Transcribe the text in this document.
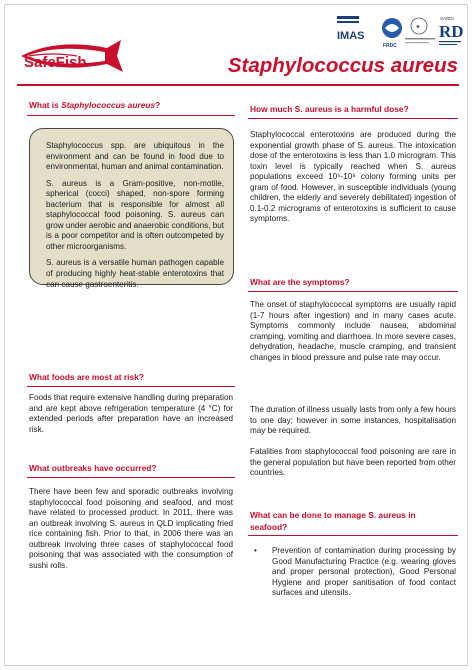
SafeFish
IMAS
FRDC
✦
SARDI
RD
Staphylococcus aureus
What is Staphylococcus aureus?

Staphylococcus spp. are ubiquitous in the environment and can be found in food due to environmental, human and animal contamination.

S. aureus is a Gram-positive, non-motile, spherical (cocci) shaped, non-spore forming bacterium that is responsible for almost all staphylococcal food poisoning. S. aureus can grow under aerobic and anaerobic conditions, but is a poor competitor and is often outcompeted by other microorganisms.

S. aureus is a versatile human pathogen capable of producing highly heat-stable enterotoxins that can cause gastroenteritis.

What foods are most at risk?
Foods that require extensive handling during preparation and are kept above refrigeration temperature (4 °C) for extended periods after preparation have an increased risk.
What outbreaks have occurred?
There have been few and sporadic outbreaks involving staphylococcal food poisoning and seafood, and most have related to processed product. In 2011, there was an outbreak involving S. aureus in QLD implicating fried rice containing fish. Prior to that, in 2006 there was an outbreak involving three cases of staphylococcal food poisoning that was associated with the consumption of sushi rolls.
How much S. aureus is a harmful dose?
Staphylococcal enterotoxins are produced during the exponential growth phase of S. aureus. The intoxication dose of the enterotoxins is less than 1.0 microgram. This toxin level is typically reached when S. aureus populations exceed 10⁵-10⁸ colony forming units per gram of food. However, in susceptible individuals (young children, the elderly and severely debilitated) ingestion of 0.1-0.2 micrograms of enterotoxins is sufficient to cause symptoms.
What are the symptoms?
The onset of staphylococcal symptoms are usually rapid (1-7 hours after ingestion) and in many cases acute. Symptoms commonly include nausea, abdominal cramping, vomiting and diarrhoea. In more severe cases, dehydration, headache, muscle cramping, and transient changes in blood pressure and pulse rate may occur.
The duration of illness usually lasts from only a few hours to one day; however in some instances, hospitalisation may be required.
Fatalities from staphylococcal food poisoning are rare in the general population but have been reported from other countries.
What can be done to manage S. aureus in
seafood?
• Prevention of contamination during processing by Good Manufacturing Practice (e.g. wearing gloves and proper personal protection), Good Personal Hygiene and proper sanitisation of food contact surfaces and utensils.
